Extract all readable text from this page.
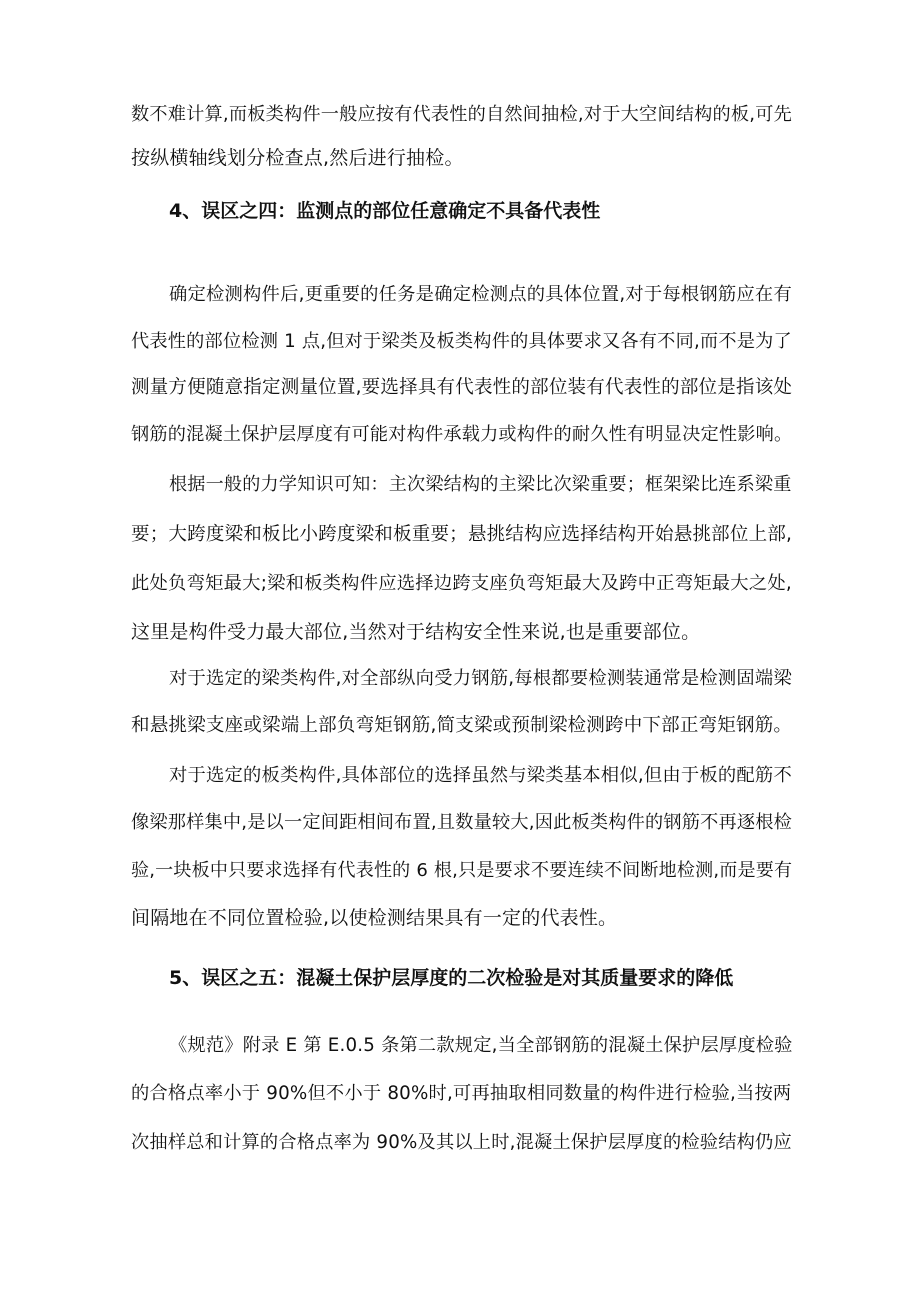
数不难计算,而板类构件一般应按有代表性的自然间抽检,对于大空间结构的板,可先
按纵横轴线划分检查点,然后进行抽检。
4、误区之四：监测点的部位任意确定不具备代表性
确定检测构件后,更重要的任务是确定检测点的具体位置,对于每根钢筋应在有
代表性的部位检测 1 点,但对于梁类及板类构件的具体要求又各有不同,而不是为了
测量方便随意指定测量位置,要选择具有代表性的部位装有代表性的部位是指该处
钢筋的混凝土保护层厚度有可能对构件承载力或构件的耐久性有明显决定性影响。
根据一般的力学知识可知：主次梁结构的主梁比次梁重要；框架梁比连系梁重
要；大跨度梁和板比小跨度梁和板重要；悬挑结构应选择结构开始悬挑部位上部,
此处负弯矩最大;梁和板类构件应选择边跨支座负弯矩最大及跨中正弯矩最大之处,
这里是构件受力最大部位,当然对于结构安全性来说,也是重要部位。
对于选定的梁类构件,对全部纵向受力钢筋,每根都要检测装通常是检测固端梁
和悬挑梁支座或梁端上部负弯矩钢筋,简支梁或预制梁检测跨中下部正弯矩钢筋。
对于选定的板类构件,具体部位的选择虽然与梁类基本相似,但由于板的配筋不
像梁那样集中,是以一定间距相间布置,且数量较大,因此板类构件的钢筋不再逐根检
验,一块板中只要求选择有代表性的 6 根,只是要求不要连续不间断地检测,而是要有
间隔地在不同位置检验,以使检测结果具有一定的代表性。
5、误区之五：混凝土保护层厚度的二次检验是对其质量要求的降低
《规范》附录 E 第 E.0.5 条第二款规定,当全部钢筋的混凝土保护层厚度检验
的合格点率小于 90%但不小于 80%时,可再抽取相同数量的构件进行检验,当按两
次抽样总和计算的合格点率为 90%及其以上时,混凝土保护层厚度的检验结构仍应
